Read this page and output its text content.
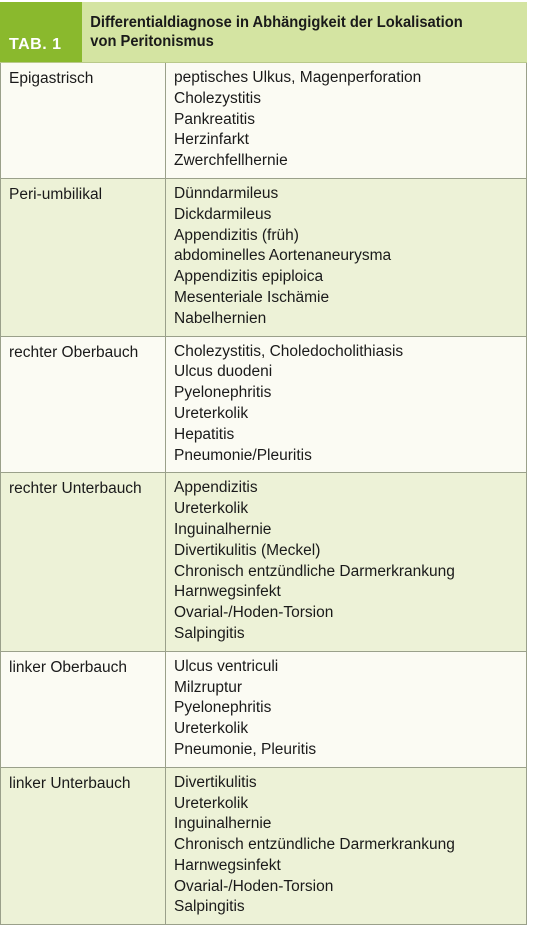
TAB. 1
Differentialdiagnose in Abhängigkeit der Lokalisation
von Peritonismus
Epigastrisch	peptisches Ulkus, Magenperforation
Cholezystitis
Pankreatitis
Herzinfarkt
Zwerchfellhernie
Peri-umbilikal	Dünndarmileus
Dickdarmileus
Appendizitis (früh)
abdominelles Aortenaneurysma
Appendizitis epiploica
Mesenteriale Ischämie
Nabelhernien
rechter Oberbauch	Cholezystitis, Choledocholithiasis
Ulcus duodeni
Pyelonephritis
Ureterkolik
Hepatitis
Pneumonie/Pleuritis
rechter Unterbauch	Appendizitis
Ureterkolik
Inguinalhernie
Divertikulitis (Meckel)
Chronisch entzündliche Darmerkrankung
Harnwegsinfekt
Ovarial-/Hoden-Torsion
Salpingitis
linker Oberbauch	Ulcus ventriculi
Milzruptur
Pyelonephritis
Ureterkolik
Pneumonie, Pleuritis
linker Unterbauch	Divertikulitis
Ureterkolik
Inguinalhernie
Chronisch entzündliche Darmerkrankung
Harnwegsinfekt
Ovarial-/Hoden-Torsion
Salpingitis
